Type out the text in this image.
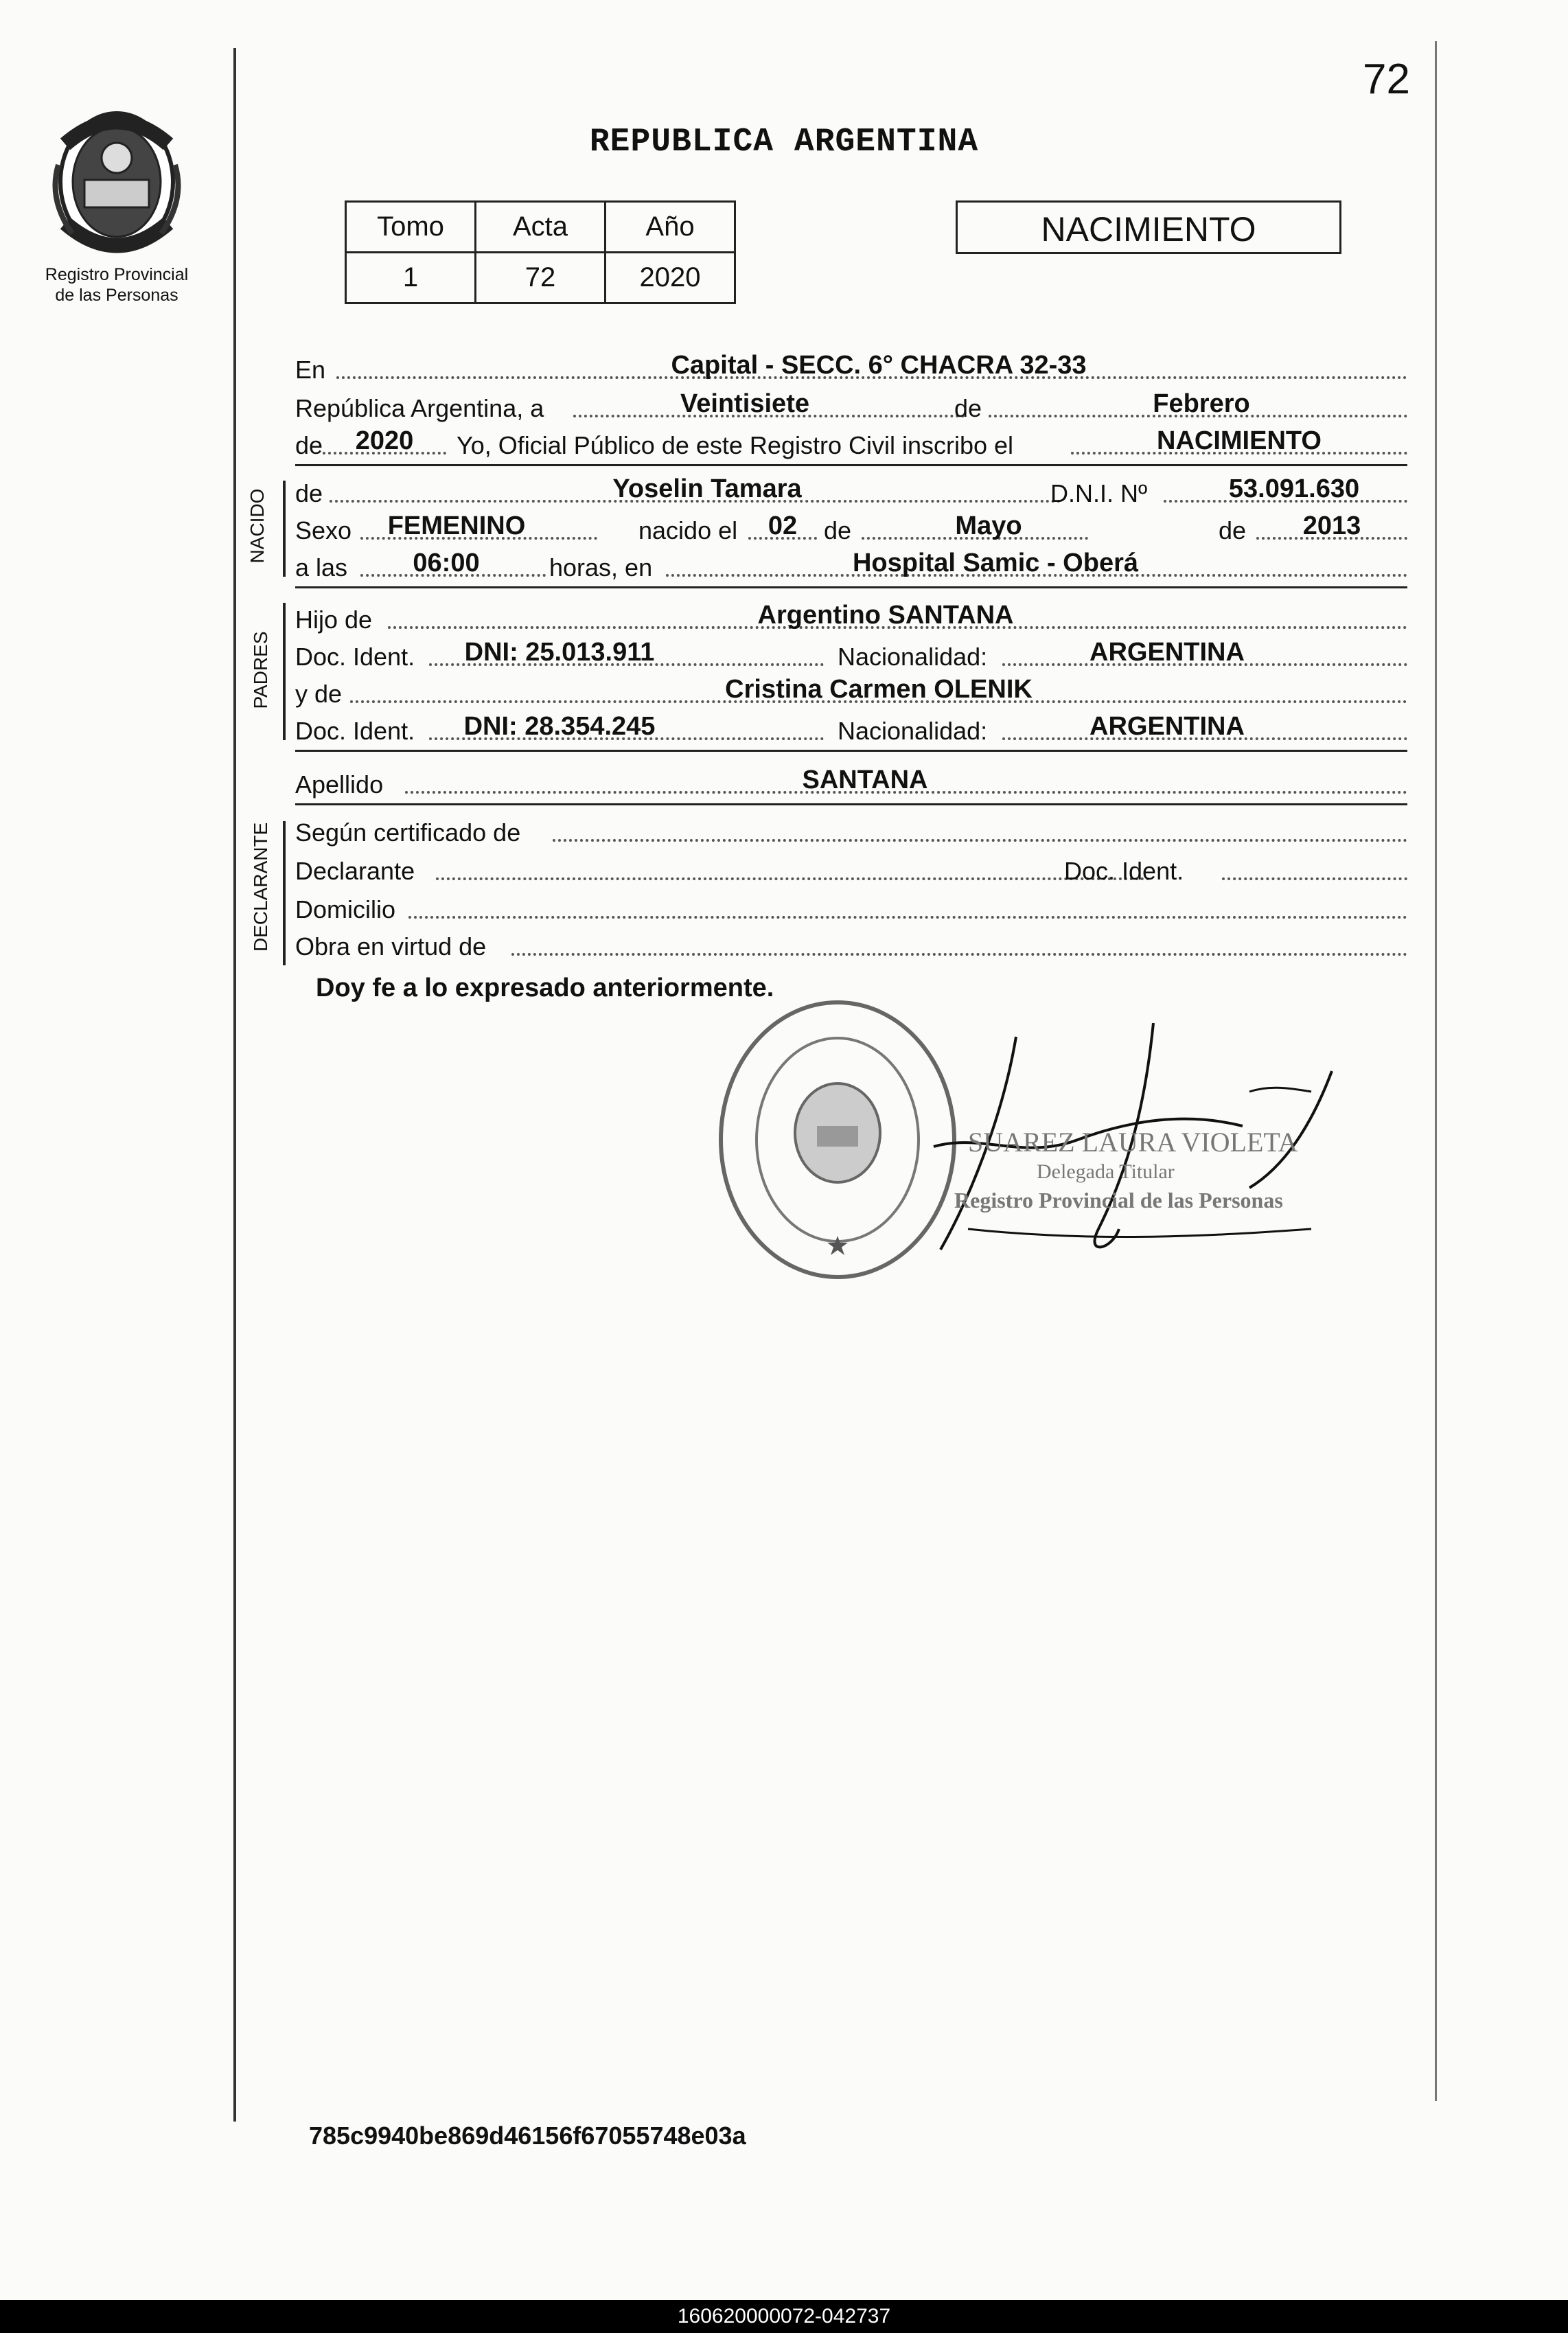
72
Registro Provincial
de las Personas
REPUBLICA ARGENTINA
Tomo	Acta	Año
1	72	2020
NACIMIENTO
En	Capital - SECC. 6° CHACRA 32-33
República Argentina, a	Veintisiete	de	Febrero
de	2020	Yo, Oficial Público de este Registro Civil inscribo el	NACIMIENTO
NACIDO de	Yoselin Tamara	D.N.I. Nº	53.091.630
Sexo	FEMENINO	nacido el	02	de	Mayo	de	2013
a las	06:00	horas, en	Hospital Samic - Oberá
PADRES
Hijo de	Argentino SANTANA
Doc. Ident.	DNI: 25.013.911	Nacionalidad:	ARGENTINA
y de	Cristina Carmen OLENIK
Doc. Ident.	DNI: 28.354.245	Nacionalidad:	ARGENTINA
Apellido	SANTANA
DECLARANTE Según certificado de
Declarante	Doc. Ident.
Domicilio
Obra en virtud de
Doy fe a lo expresado anteriormente.
SUAREZ LAURA VIOLETA
Delegada Titular
Registro Provincial de las Personas
785c9940be869d46156f67055748e03a
160620000072-042737
